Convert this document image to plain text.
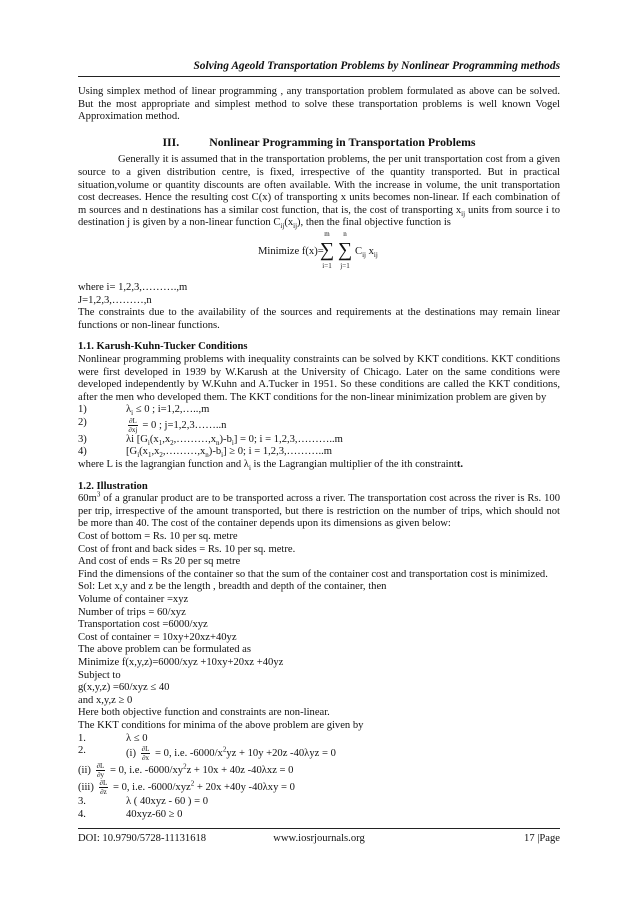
Solving Ageold Transportation Problems by Nonlinear Programming methods

Using simplex method of linear programming , any transportation problem formulated as above can be solved. But the most appropriate and simplest method to solve these transportation problems is well known Vogel Approximation method.

III.	Nonlinear Programming in Transportation Problems

Generally it is assumed that in the transportation problems, the per unit transportation cost from a given source to a given distribution centre, is fixed, irrespective of the quantity transported. But in practical situation,volume or quantity discounts are often available. With the increase in volume, the unit transportation cost decreases. Hence the resulting cost C(x) of transporting x units becomes non-linear. If each combination of m sources and n destinations has a similar cost function, that is, the cost of transporting $x_{ij}$ units from source i to destination j is given by a non-linear function $C_{ij}(x_{ij})$, then the final objective function is

Minimize f(x)=
m
∑
i=1
n
∑
j=1
$C_{ij}$ $x_{ij}$

where i= 1,2,3,……….,m

J=1,2,3,………,n

The constraints due to the availability of the sources and requirements at the destinations may remain linear functions or non-linear functions.

1.1. Karush-Kuhn-Tucker Conditions

Nonlinear programming problems with inequality constraints can be solved by KKT conditions. KKT conditions were first developed in 1939 by W.Karush at the University of Chicago. Later on the same conditions were developed independently by W.Kuhn and A.Tucker in 1951. So these conditions are called the KKT conditions, after the men who developed them. The KKT conditions for the non-linear minimization problem are given by

1)	$\lambda_i \le 0$ ; i=1,2,…..,m
2)	$\frac{\partial L}{\partial xj} = 0$ ; j=1,2,3……..n
3)	λi $[G_i(x_1,x_2,\dots\dots\dots,x_n)-b_i] = 0$; i = 1,2,3,………..m
4)	$[G_i(x_1,x_2,\dots\dots\dots,x_n)-b_i] \ge 0$; i = 1,2,3,………..m

where L is the lagrangian function and $\lambda_i$ is the Lagrangian multiplier of the ith constraintt.

1.2. Illustration

$60m^3$ of a granular product are to be transported across a river. The transportation cost across the river is Rs. 100 per trip, irrespective of the amount transported, but there is restriction on the number of trips, which should not be more than 40. The cost of the container depends upon its dimensions as given below:

Cost of bottom = Rs. 10 per sq. metre

Cost of front and back sides = Rs. 10 per sq. metre.

And cost of ends = Rs 20 per sq metre

Find the dimensions of the container so that the sum of the container cost and transportation cost is minimized.

Sol: Let x,y and z be the length , breadth and depth of the container, then

Volume of container =xyz

Number of trips = 60/xyz

Transportation cost =6000/xyz

Cost of container = 10xy+20xz+40yz

The above problem can be formulated as

Minimize f(x,y,z)=6000/xyz +10xy+20xz +40yz

Subject to

g(x,y,z) =60/xyz ≤ 40

and x,y,z ≥ 0

Here both objective function and constraints are non-linear.

The KKT conditions for minima of the above problem are given by

1.	λ ≤ 0
2.	$(i) \frac{\partial L}{\partial x} = 0$, i.e. $-6000/x^2yz + 10y +20z$ -40λyz = 0
$(ii) \frac{\partial L}{\partial y} = 0$, i.e. $-6000/xy^2z + 10x + 40z$ -40λxz = 0
$(iii) \frac{\partial L}{\partial z} = 0$, i.e. -6000/xyz$^2$ + 20x +40y -40λxy = 0
3.	λ ( 40xyz - 60 ) = 0
4.	40xyz-60 ≥ 0
DOI: 10.9790/5728-11131618	www.iosrjournals.org	17 |Page
